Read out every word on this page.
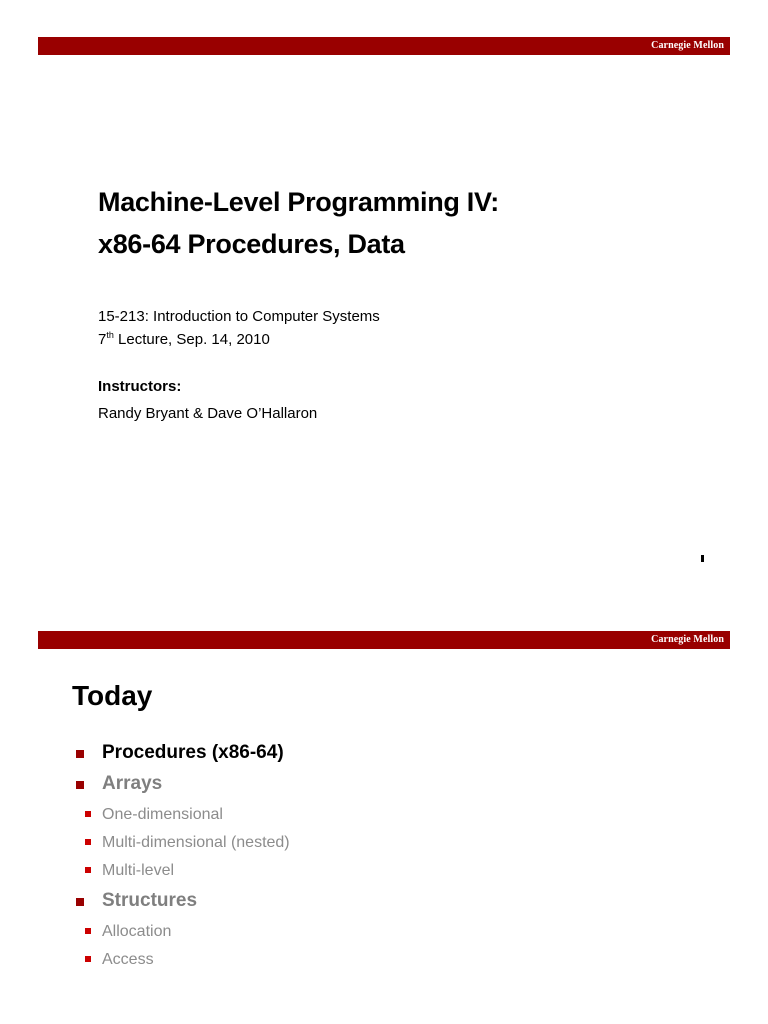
Carnegie Mellon
Machine-Level Programming IV:
x86-64 Procedures, Data
15-213: Introduction to Computer Systems
7th Lecture, Sep. 14, 2010
Instructors:
Randy Bryant & Dave O’Hallaron
Carnegie Mellon
Today
Procedures (x86-64)
Arrays
One-dimensional
Multi-dimensional (nested)
Multi-level
Structures
Allocation
Access
